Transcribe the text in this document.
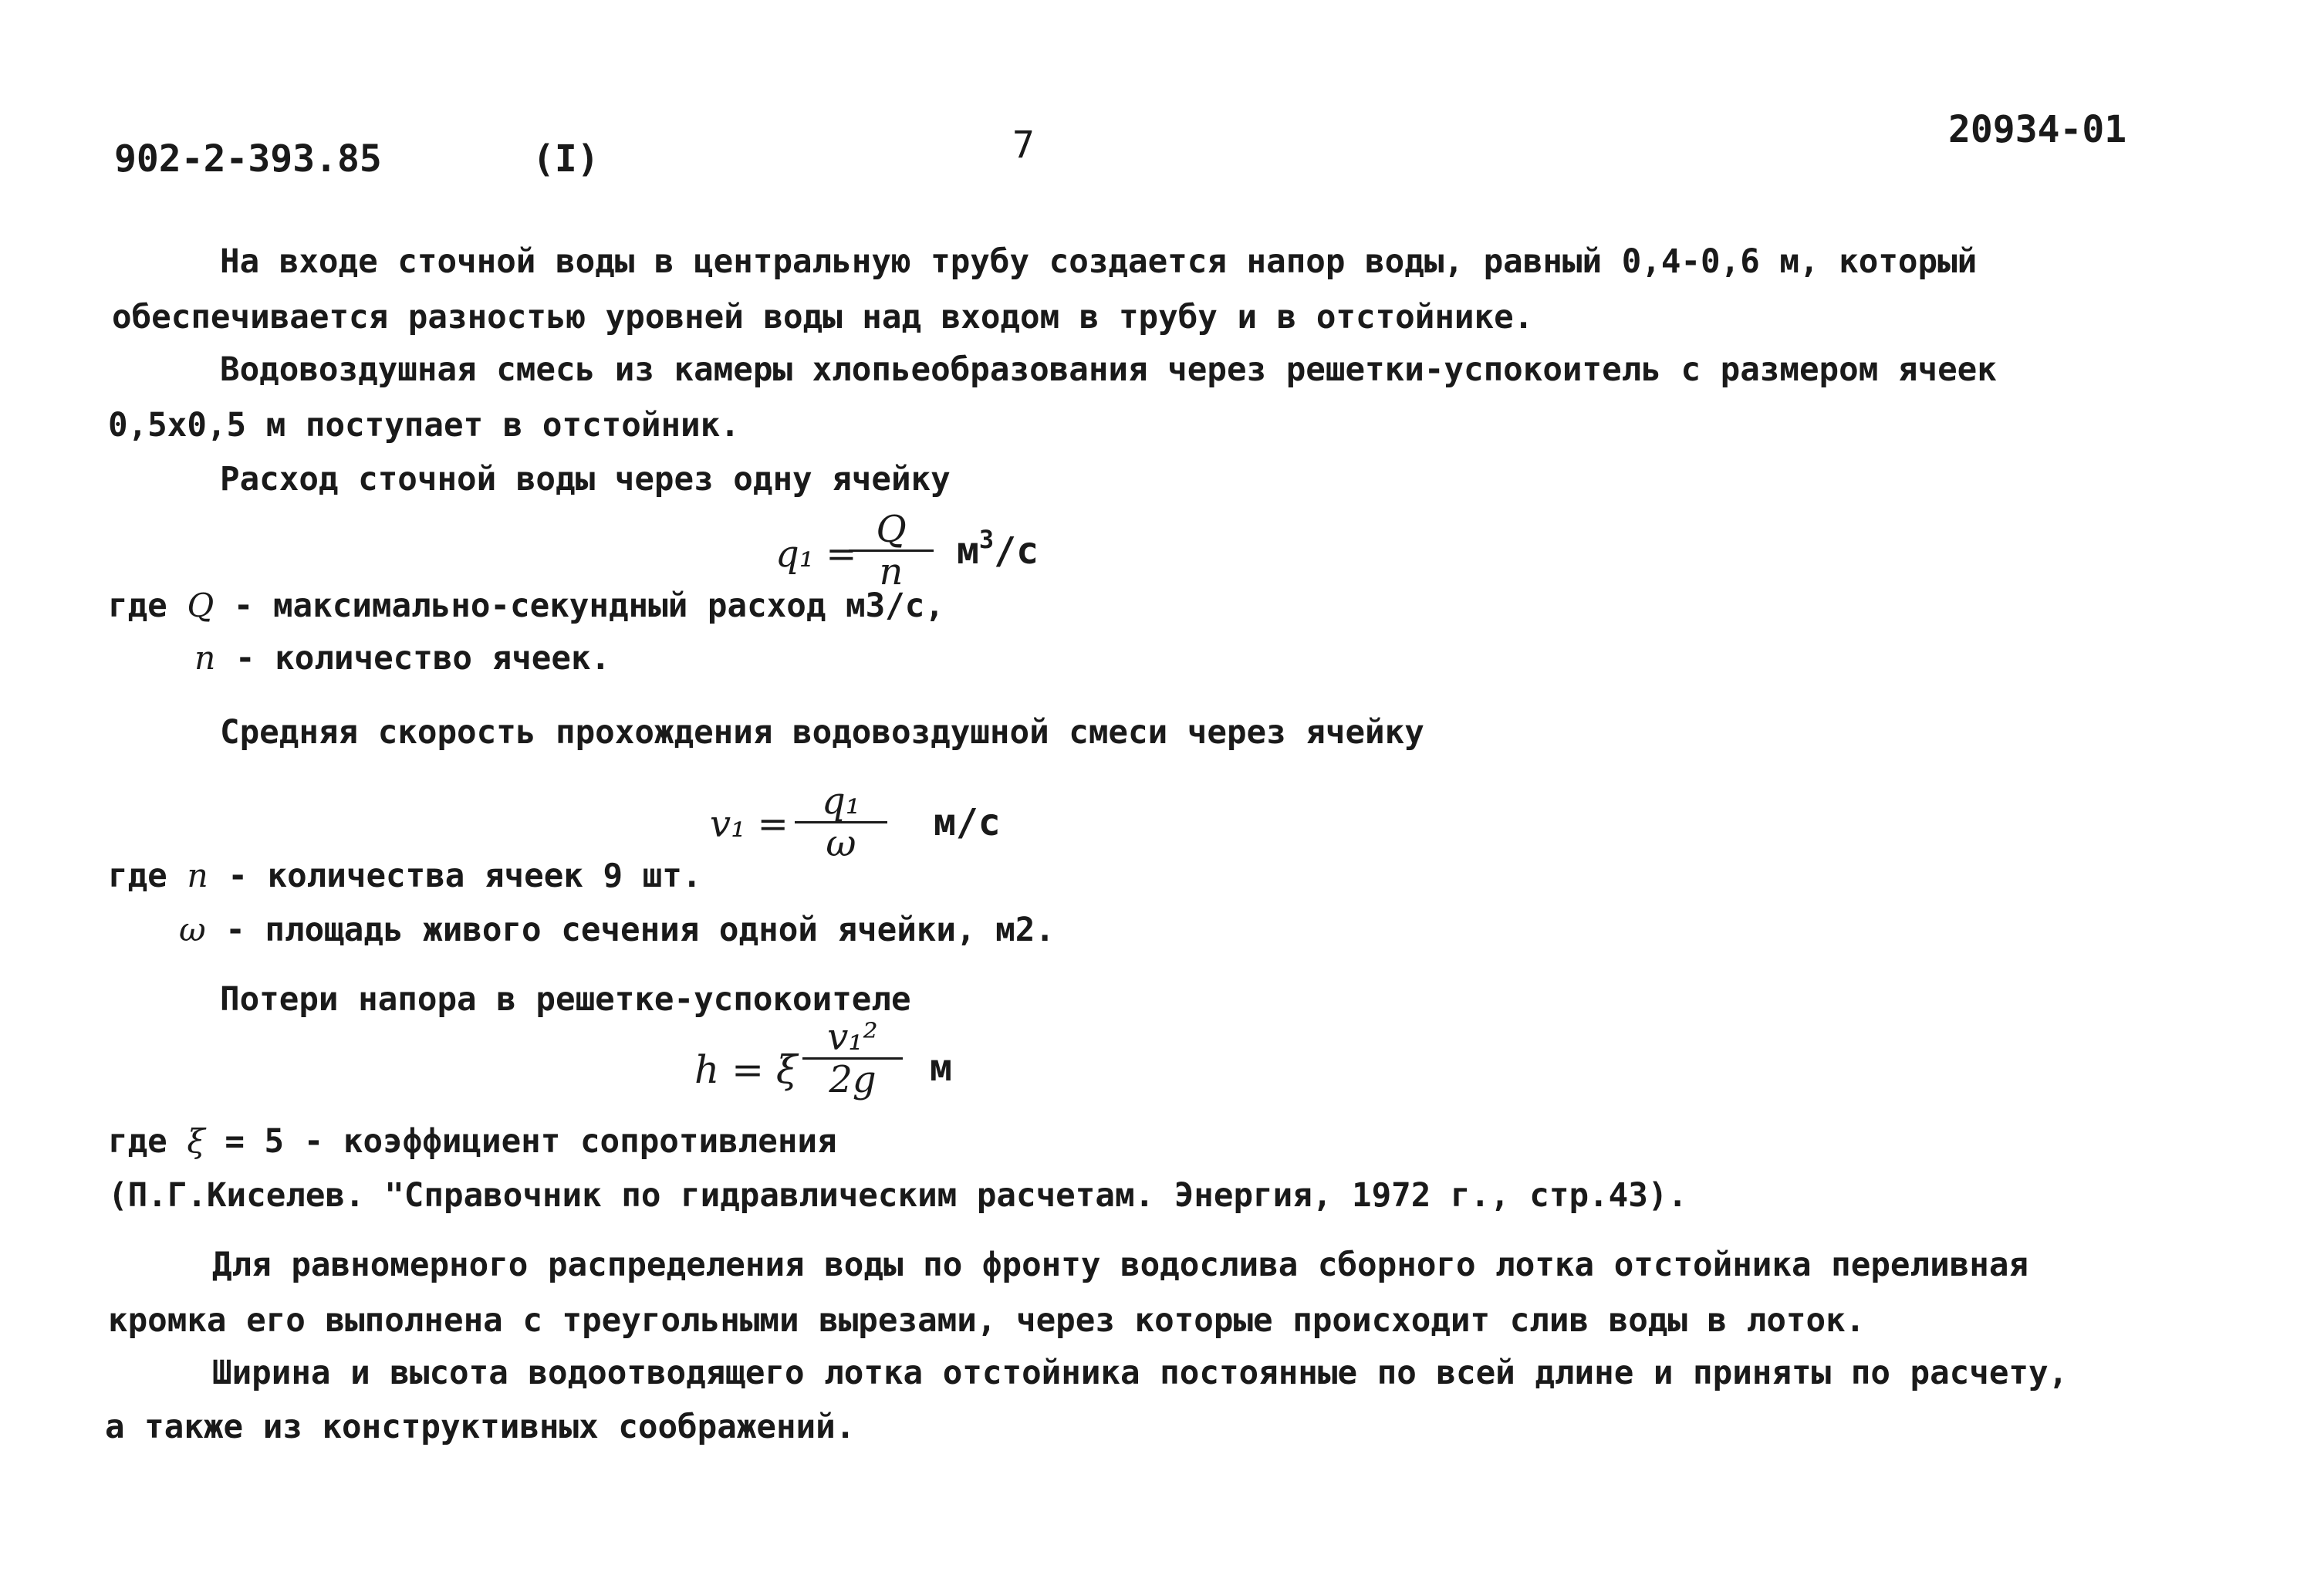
902-2-393.85	(I)	7	20934-01
На входе сточной воды в центральную трубу создается напор воды, равный 0,4-0,6 м, который
обеспечивается разностью уровней воды над входом в трубу и в отстойнике.
Водовоздушная смесь из камеры хлопьеобразования через решетки-успокоитель с размером ячеек
0,5х0,5 м поступает в отстойник.
Расход сточной воды через одну ячейку
q₁ =
Q
n	$м^3/с$
где Q - максимально-секундный расход м3/с,
n - количество ячеек.
Средняя скорость прохождения водовоздушной смеси через ячейку
v₁ =
q₁
ω	м/с
где n - количества ячеек 9 шт.
ω - площадь живого сечения одной ячейки, м2.
Потери напора в решетке-успокоителе
h = ξ
v₁²
2g	м
где ξ = 5 - коэффициент сопротивления
(П.Г.Киселев. "Справочник по гидравлическим расчетам. Энергия, 1972 г., стр.43).
Для равномерного распределения воды по фронту водослива сборного лотка отстойника переливная
кромка его выполнена с треугольными вырезами, через которые происходит слив воды в лоток.
Ширина и высота водоотводящего лотка отстойника постоянные по всей длине и приняты по расчету,
а также из конструктивных соображений.
